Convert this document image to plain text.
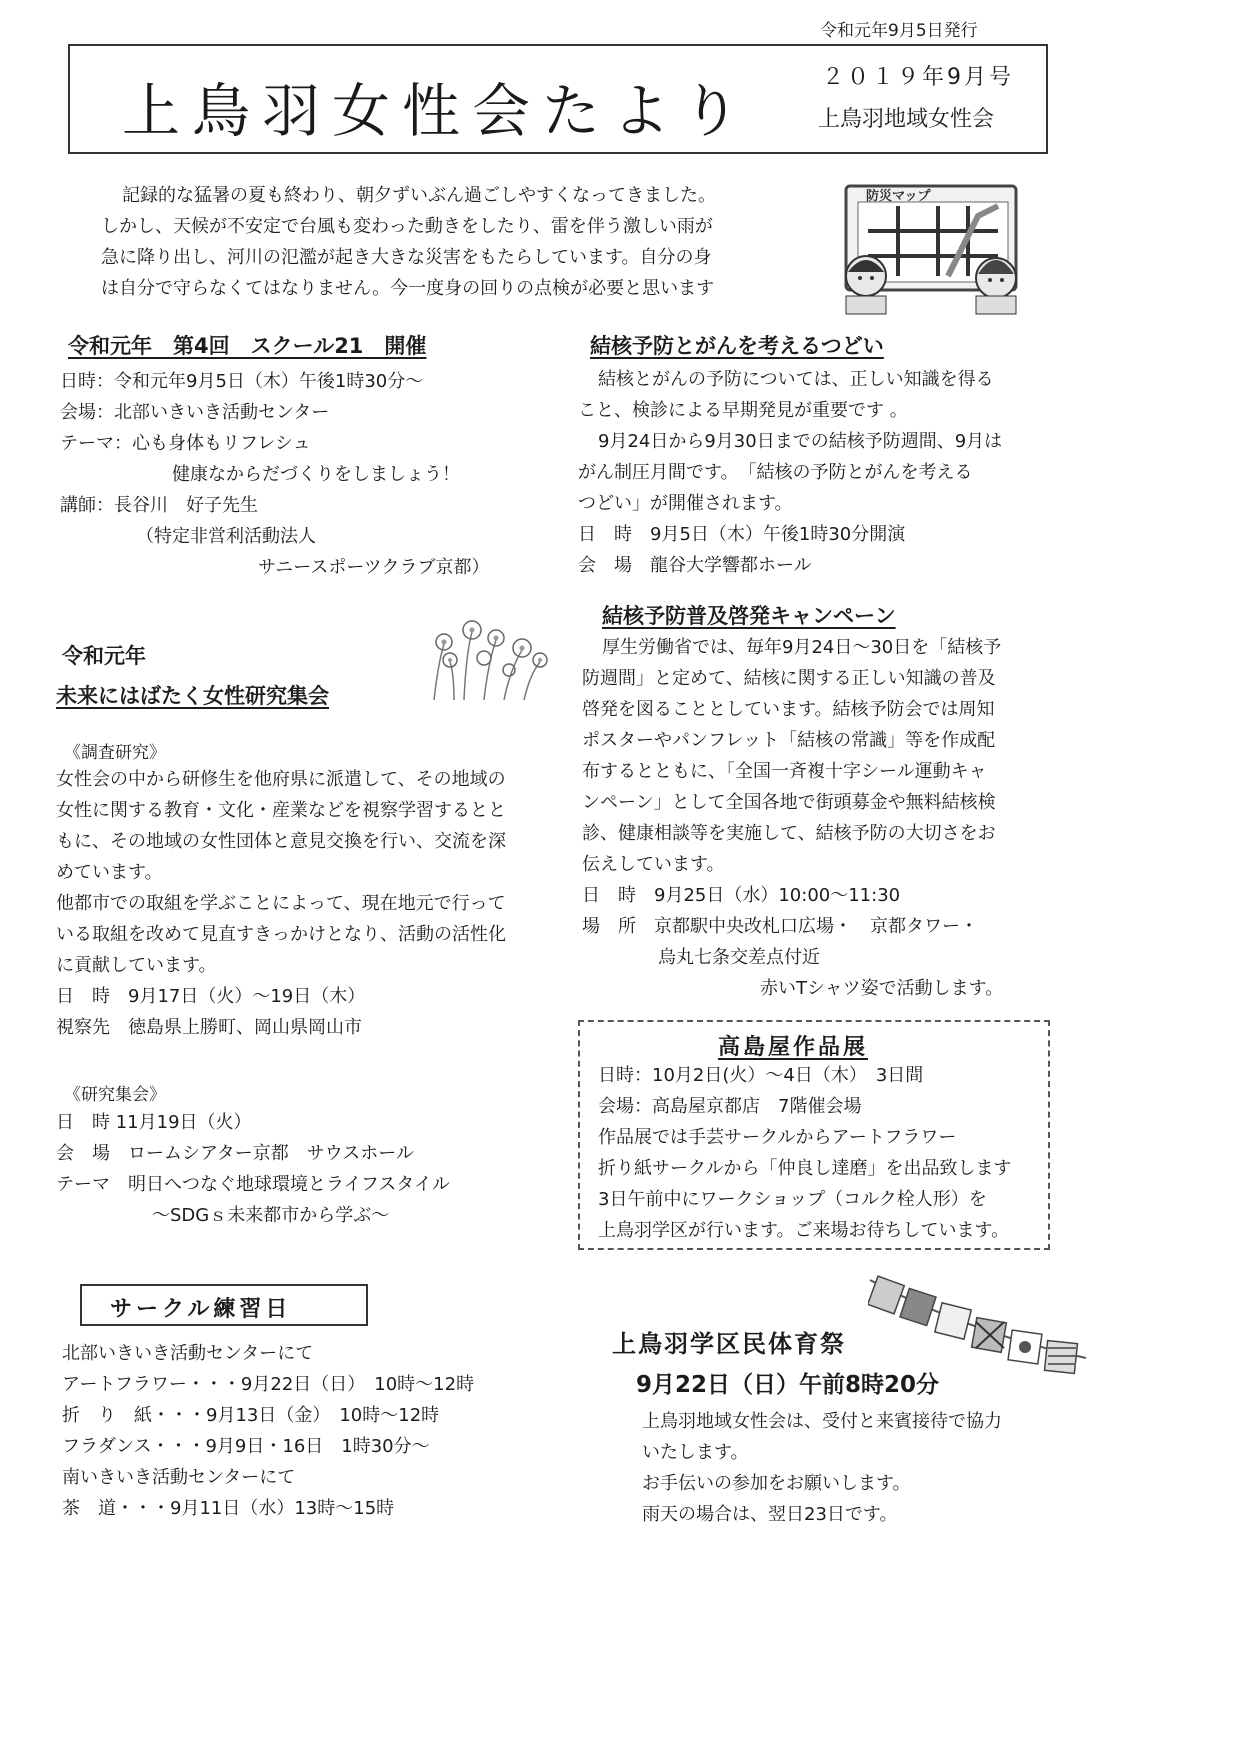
令和元年9月5日発行
上鳥羽女性会たより	２０１９年9月号
上鳥羽地域女性会
記録的な猛暑の夏も終わり、朝夕ずいぶん過ごしやすくなってきました。
しかし、天候が不安定で台風も変わった動きをしたり、雷を伴う激しい雨が
急に降り出し、河川の氾濫が起き大きな災害をもたらしています。自分の身
は自分で守らなくてはなりません。今一度身の回りの点検が必要と思います
防災マップ
令和元年　第4回　スクール21　開催
日時：令和元年9月5日（木）午後1時30分～
会場：北部いきいき活動センター
テーマ：心も身体もリフレシュ
健康なからだづくりをしましょう！
講師：長谷川　好子先生
（特定非営利活動法人
サニースポーツクラブ京都）
令和元年
未来にはばたく女性研究集会
《調査研究》
女性会の中から研修生を他府県に派遣して、その地域の
女性に関する教育・文化・産業などを視察学習するとと
もに、その地域の女性団体と意見交換を行い、交流を深
めています。
他都市での取組を学ぶことによって、現在地元で行って
いる取組を改めて見直すきっかけとなり、活動の活性化
に貢献しています。
日　時　9月17日（火）～19日（木）
視察先　徳島県上勝町、岡山県岡山市
《研究集会》
日　時 11月19日（火）
会　場　ロームシアター京都　サウスホール
テーマ　明日へつなぐ地球環境とライフスタイル
～SDGｓ未来都市から学ぶ～
サークル練習日
北部いきいき活動センターにて
アートフラワー・・・9月22日（日）　10時～12時
折　り　紙・・・9月13日（金）　10時～12時
フラダンス・・・9月9日・16日　1時30分～
南いきいき活動センターにて
茶　道・・・9月11日（水）13時～15時
結核予防とがんを考えるつどい
結核とがんの予防については、正しい知識を得る
こと、検診による早期発見が重要です 。
9月24日から9月30日までの結核予防週間、9月は
がん制圧月間です。　「結核の予防とがんを考える
つどい」が開催されます。
日　時　9月5日（木）午後1時30分開演
会　場　龍谷大学響都ホール
結核予防普及啓発キャンペーン
厚生労働省では、毎年9月24日～30日を「結核予
防週間」と定めて、結核に関する正しい知識の普及
啓発を図ることとしています。結核予防会では周知
ポスターやパンフレット「結核の常識」等を作成配
布するとともに、「全国一斉複十字シール運動キャ
ンペーン」として全国各地で街頭募金や無料結核検
診、健康相談等を実施して、結核予防の大切さをお
伝えしています。
日　時　9月25日（水）10:00～11:30
場　所　京都駅中央改札口広場・　京都タワー・
烏丸七条交差点付近
赤いTシャツ姿で活動します。
高島屋作品展
日時：10月2日(火）～4日（木）　3日間
会場：高島屋京都店　7階催会場
作品展では手芸サークルからアートフラワー
折り紙サークルから「仲良し達磨」を出品致します
3日午前中にワークショップ（コルク栓人形）を
上鳥羽学区が行います。ご来場お待ちしています。
上鳥羽学区民体育祭
9月22日（日）午前8時20分
上鳥羽地域女性会は、受付と来賓接待で協力
いたします。
お手伝いの参加をお願いします。
雨天の場合は、翌日23日です。
